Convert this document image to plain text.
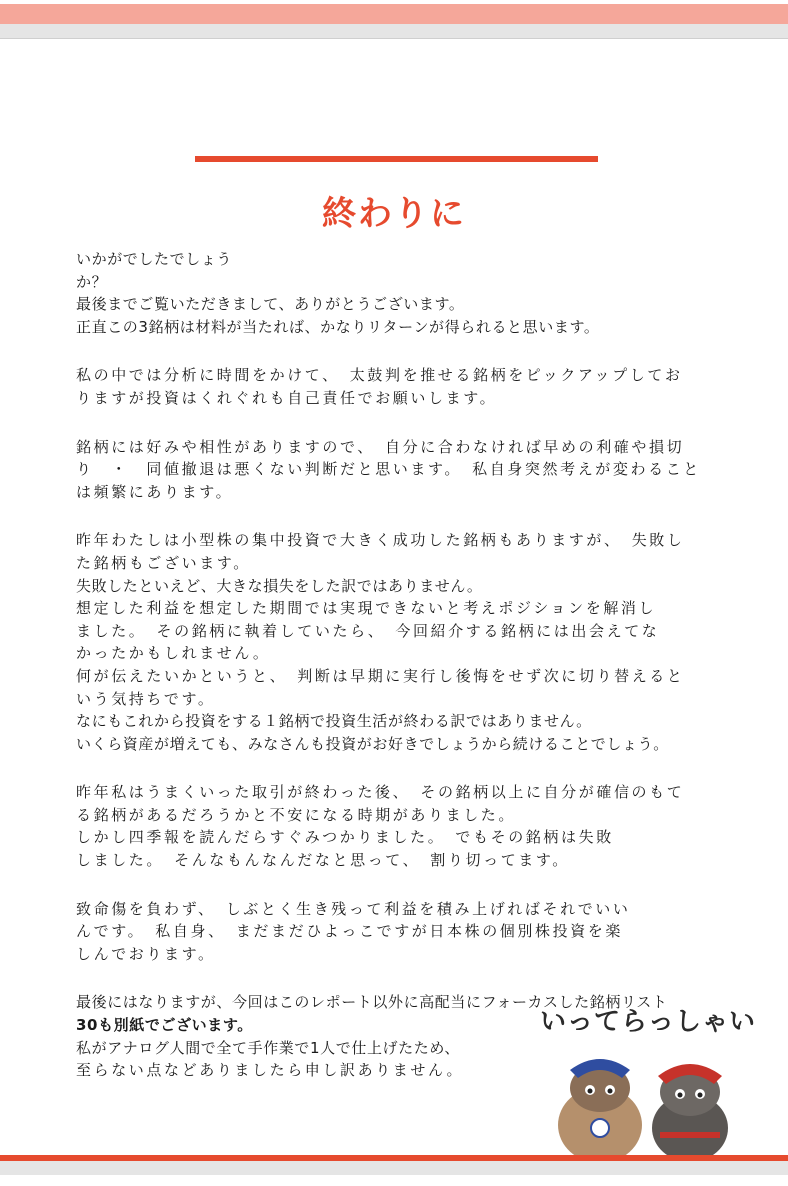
終わりに
いかがでしたでしょう
か？
最後までご覧いただきまして、ありがとうございます。
正直この3銘柄は材料が当たれば、かなりリターンが得られると思います。
私の中では分析に時間をかけて、　太鼓判を推せる銘柄をピックアップしてお
りますが投資はくれぐれも自己責任でお願いします。
銘柄には好みや相性がありますので、　自分に合わなければ早めの利確や損切
り　・　同値撤退は悪くない判断だと思います。　私自身突然考えが変わること
は頻繁にあります。
昨年わたしは小型株の集中投資で大きく成功した銘柄もありますが、　失敗し
た銘柄もございます。
失敗したといえど、大きな損失をした訳ではありません。
想定した利益を想定した期間では実現できないと考えポジションを解消し
ました。　その銘柄に執着していたら、　今回紹介する銘柄には出会えてな
かったかもしれません。
何が伝えたいかというと、　判断は早期に実行し後悔をせず次に切り替えると
いう気持ちです。
なにもこれから投資をする１銘柄で投資生活が終わる訳ではありません。
いくら資産が増えても、みなさんも投資がお好きでしょうから続けることでしょう。
昨年私はうまくいった取引が終わった後、　その銘柄以上に自分が確信のもて
る銘柄があるだろうかと不安になる時期がありました。
しかし四季報を読んだらすぐみつかりました。　でもその銘柄は失敗
しました。　そんなもんなんだなと思って、　割り切ってます。
致命傷を負わず、　しぶとく生き残って利益を積み上げればそれでいい
んです。　私自身、　まだまだひよっこですが日本株の個別株投資を楽
しんでおります。
最後にはなりますが、今回はこのレポート以外に高配当にフォーカスした銘柄リスト
30も別紙でございます。
私がアナログ人間で全て手作業で1人で仕上げたため、
至らない点などありましたら申し訳ありません。
いってらっしゃい
